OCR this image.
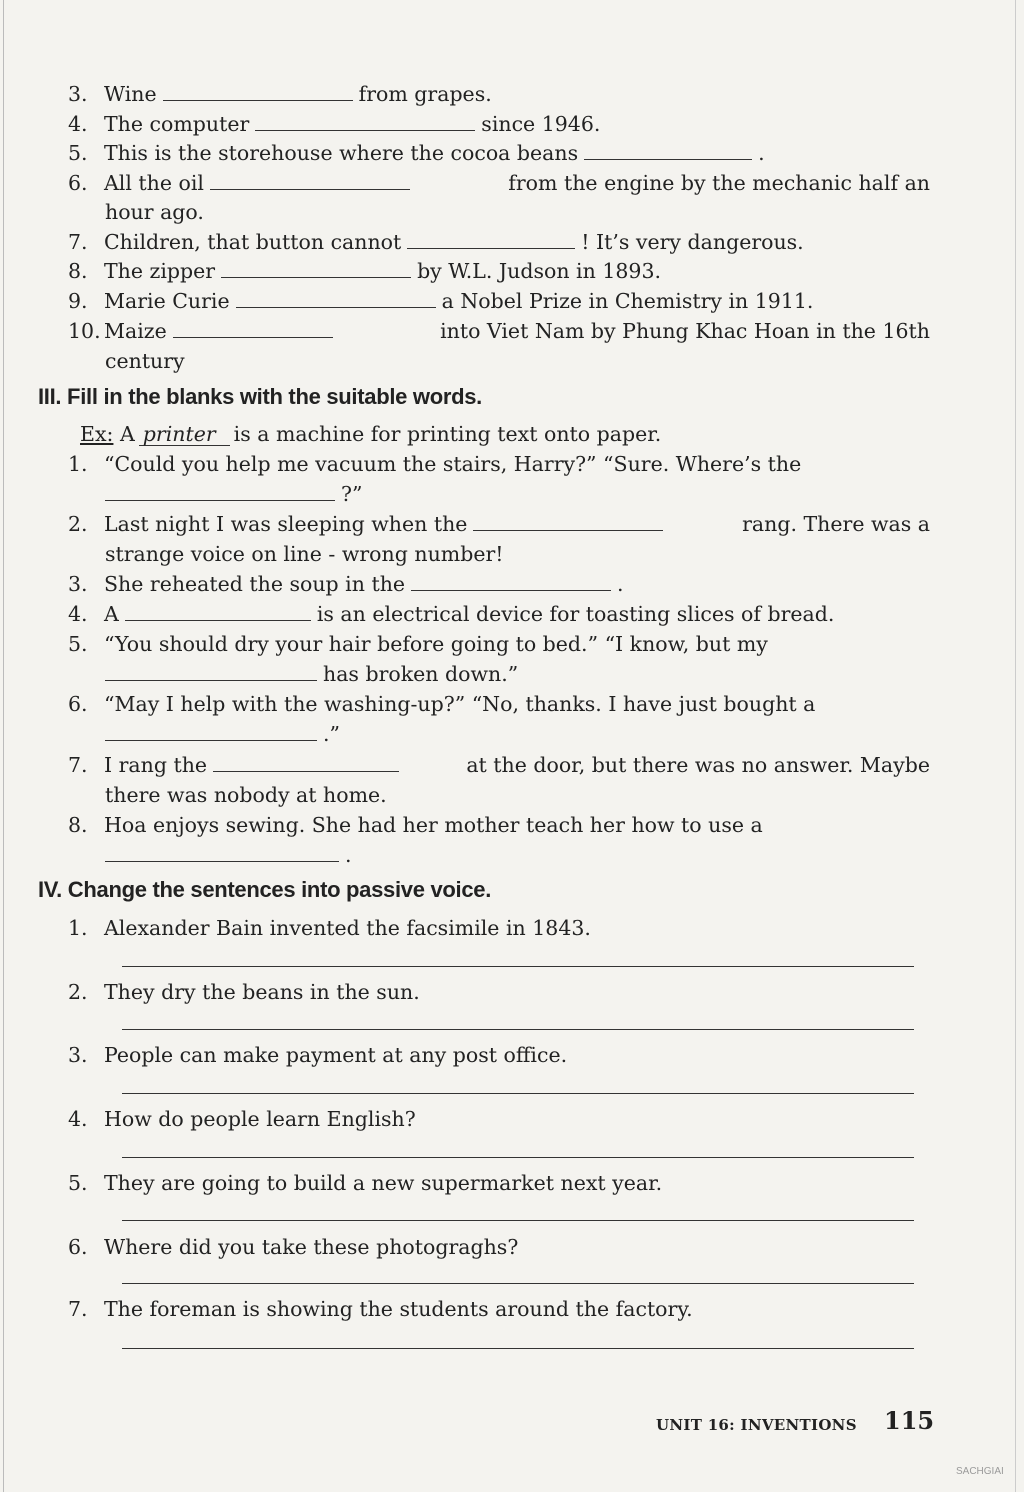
3. Wine	from grapes.
4. The computer	since 1946.
5. This is the storehouse where the cocoa beans	.
6. All the oil	from the engine by the mechanic half an
hour ago.
7. Children, that button cannot	! It’s very dangerous.
8. The zipper	by W.L. Judson in 1893.
9. Marie Curie	a Nobel Prize in Chemistry in 1911.
10. Maize	into Viet Nam by Phung Khac Hoan in the 16th
century
III. Fill in the blanks with the suitable words.
Ex: A printer is a machine for printing text onto paper.
1. “Could you help me vacuum the stairs, Harry?” “Sure. Where’s the
?”
2. Last night I was sleeping when the	rang. There was a
strange voice on line - wrong number!
3. She reheated the soup in the	.
4. A	is an electrical device for toasting slices of bread.
5. “You should dry your hair before going to bed.” “I know, but my
has broken down.”
6. “May I help with the washing-up?” “No, thanks. I have just bought a
.”
7. I rang the	at the door, but there was no answer. Maybe
there was nobody at home.
8. Hoa enjoys sewing. She had her mother teach her how to use a
.
IV. Change the sentences into passive voice.
1. Alexander Bain invented the facsimile in 1843.
2. They dry the beans in the sun.
3. People can make payment at any post office.
4. How do people learn English?
5. They are going to build a new supermarket next year.
6. Where did you take these photograghs?
7. The foreman is showing the students around the factory.
UNIT 16: INVENTIONS 115
SACHGIAI
